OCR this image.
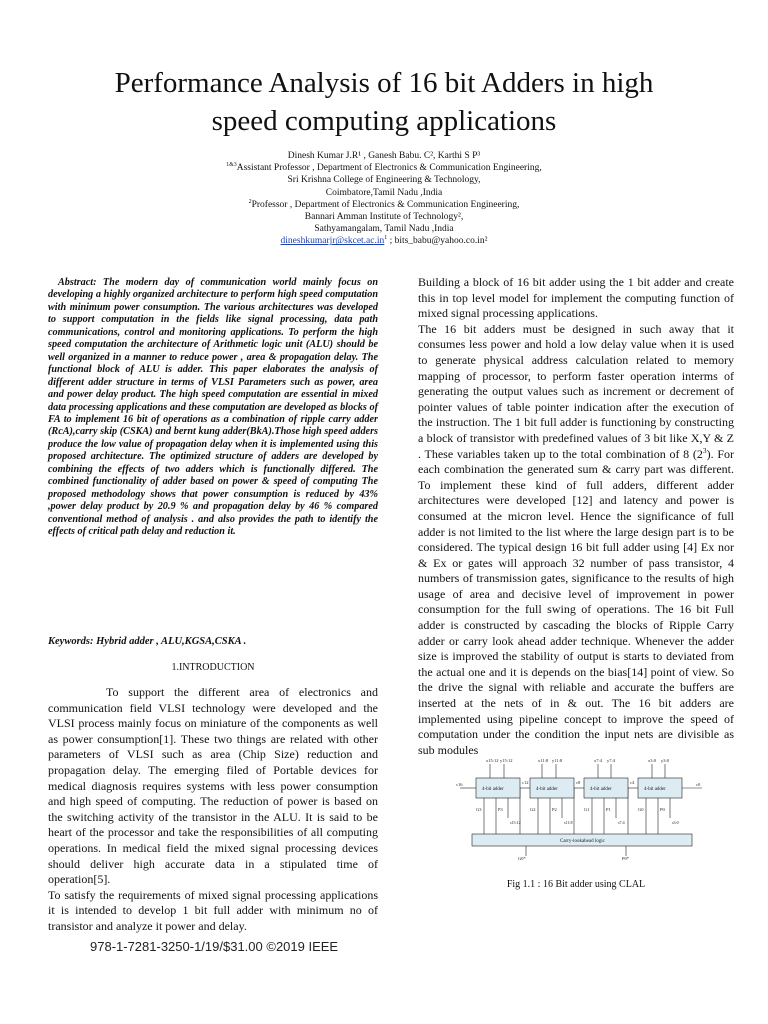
Performance Analysis of 16 bit Adders in high
speed computing applications
Dinesh Kumar J.R¹ , Ganesh Babu. C², Karthi S P³
$^{1\&3}$Assistant Professor , Department of Electronics & Communication Engineering,
Sri Krishna College of Engineering & Technology,
Coimbatore,Tamil Nadu ,India
$^2$Professor , Department of Electronics & Communication Engineering,
Bannari Amman Institute of Technology²,
Sathyamangalam, Tamil Nadu ,India
$dineshkumarjr@skcet.ac.in^1$ ; bits_babu@yahoo.co.in²

Abstract: The modern day of communication world mainly focus on developing a highly organized architecture to perform high speed computation with minimum power consumption. The various architectures was developed to support computation in the fields like signal processing, data path communications, control and monitoring applications. To perform the high speed computation the architecture of Arithmetic logic unit (ALU) should be well organized in a manner to reduce power , area & propagation delay. The functional block of ALU is adder. This paper elaborates the analysis of different adder structure in terms of VLSI Parameters such as power, area and power delay product. The high speed computation are essential in mixed data processing applications and these computation are developed as blocks of FA to implement 16 bit of operations as a combination of ripple carry adder (RcA),carry skip (CSKA) and bernt kung adder(BkA).Those high speed adders produce the low value of propagation delay when it is implemented using this proposed architecture. The optimized structure of adders are developed by combining the effects of two adders which is functionally differed. The combined functionality of adder based on power & speed of computing The proposed methodology shows that power consumption is reduced by 43% ,power delay product by 20.9 % and propagation delay by 46 % compared conventional method of analysis . and also provides the path to identify the effects of critical path delay and reduction it.

Keywords: Hybrid adder , ALU,KGSA,CSKA .
1.INTRODUCTION

To support the different area of electronics and communication field VLSI technology were developed and the VLSI process mainly focus on miniature of the components as well as power consumption[1]. These two things are related with other parameters of VLSI such as area (Chip Size) reduction and propagation delay. The emerging filed of Portable devices for medical diagnosis requires systems with less power consumption and high speed of computing. The reduction of power is based on the switching activity of the transistor in the ALU. It is said to be heart of the processor and take the responsibilities of all computing operations. In medical field the mixed signal processing devices should deliver high accurate data in a stipulated time of operation[5].

To satisfy the requirements of mixed signal processing applications it is intended to develop 1 bit full adder with minimum no of transistor and analyze it power and delay.

Building a block of 16 bit adder using the 1 bit adder and create this in top level model for implement the computing function of mixed signal processing applications.

The 16 bit adders must be designed in such away that it consumes less power and hold a low delay value when it is used to generate physical address calculation related to memory mapping of processor, to perform faster operation interms of generating the output values such as increment or decrement of pointer values of table pointer indication after the execution of the instruction. The 1 bit full adder is functioning by constructing a block of transistor with predefined values of 3 bit like X,Y & Z . These variables taken up to the total combination of 8 $(2^3)$. For each combination the generated sum & carry part was different. To implement these kind of full adders, different adder architectures were developed [12] and latency and power is consumed at the micron level. Hence the significance of full adder is not limited to the list where the large design part is to be considered. The typical design 16 bit full adder using [4] Ex nor & Ex or gates will approach 32 number of pass transistor, 4 numbers of transmission gates, significance to the results of high usage of area and decisive level of improvement in power consumption for the full swing of operations. The 16 bit Full adder is constructed by cascading the blocks of Ripple Carry adder or carry look ahead adder technique. Whenever the adder size is improved the stability of output is starts to deviated from the actual one and it is depends on the bias[14] point of view. So the drive the signal with reliable and accurate the buffers are inserted at the nets of in & out. The 16 bit adders are implemented using pipeline concept to improve the speed of computation under the condition the input nets are divisible as sub modules

x15:12 y15:12	x11:8 y11:8	x7:4 y7:4	x3:0 y3:0
4-bit adder	4-bit adder	4-bit adder	4-bit adder
Carry-lookahead logic
c16	c0
c12	c8	c4
G3	G2	G1	G0
P3	P2	P1	P0
s15:12	s11:8	s7:4	s3:0
G0*	P0*
Fig 1.1 : 16 Bit adder using CLAL
978-1-7281-3250-1/19/$31.00 ©2019 IEEE
